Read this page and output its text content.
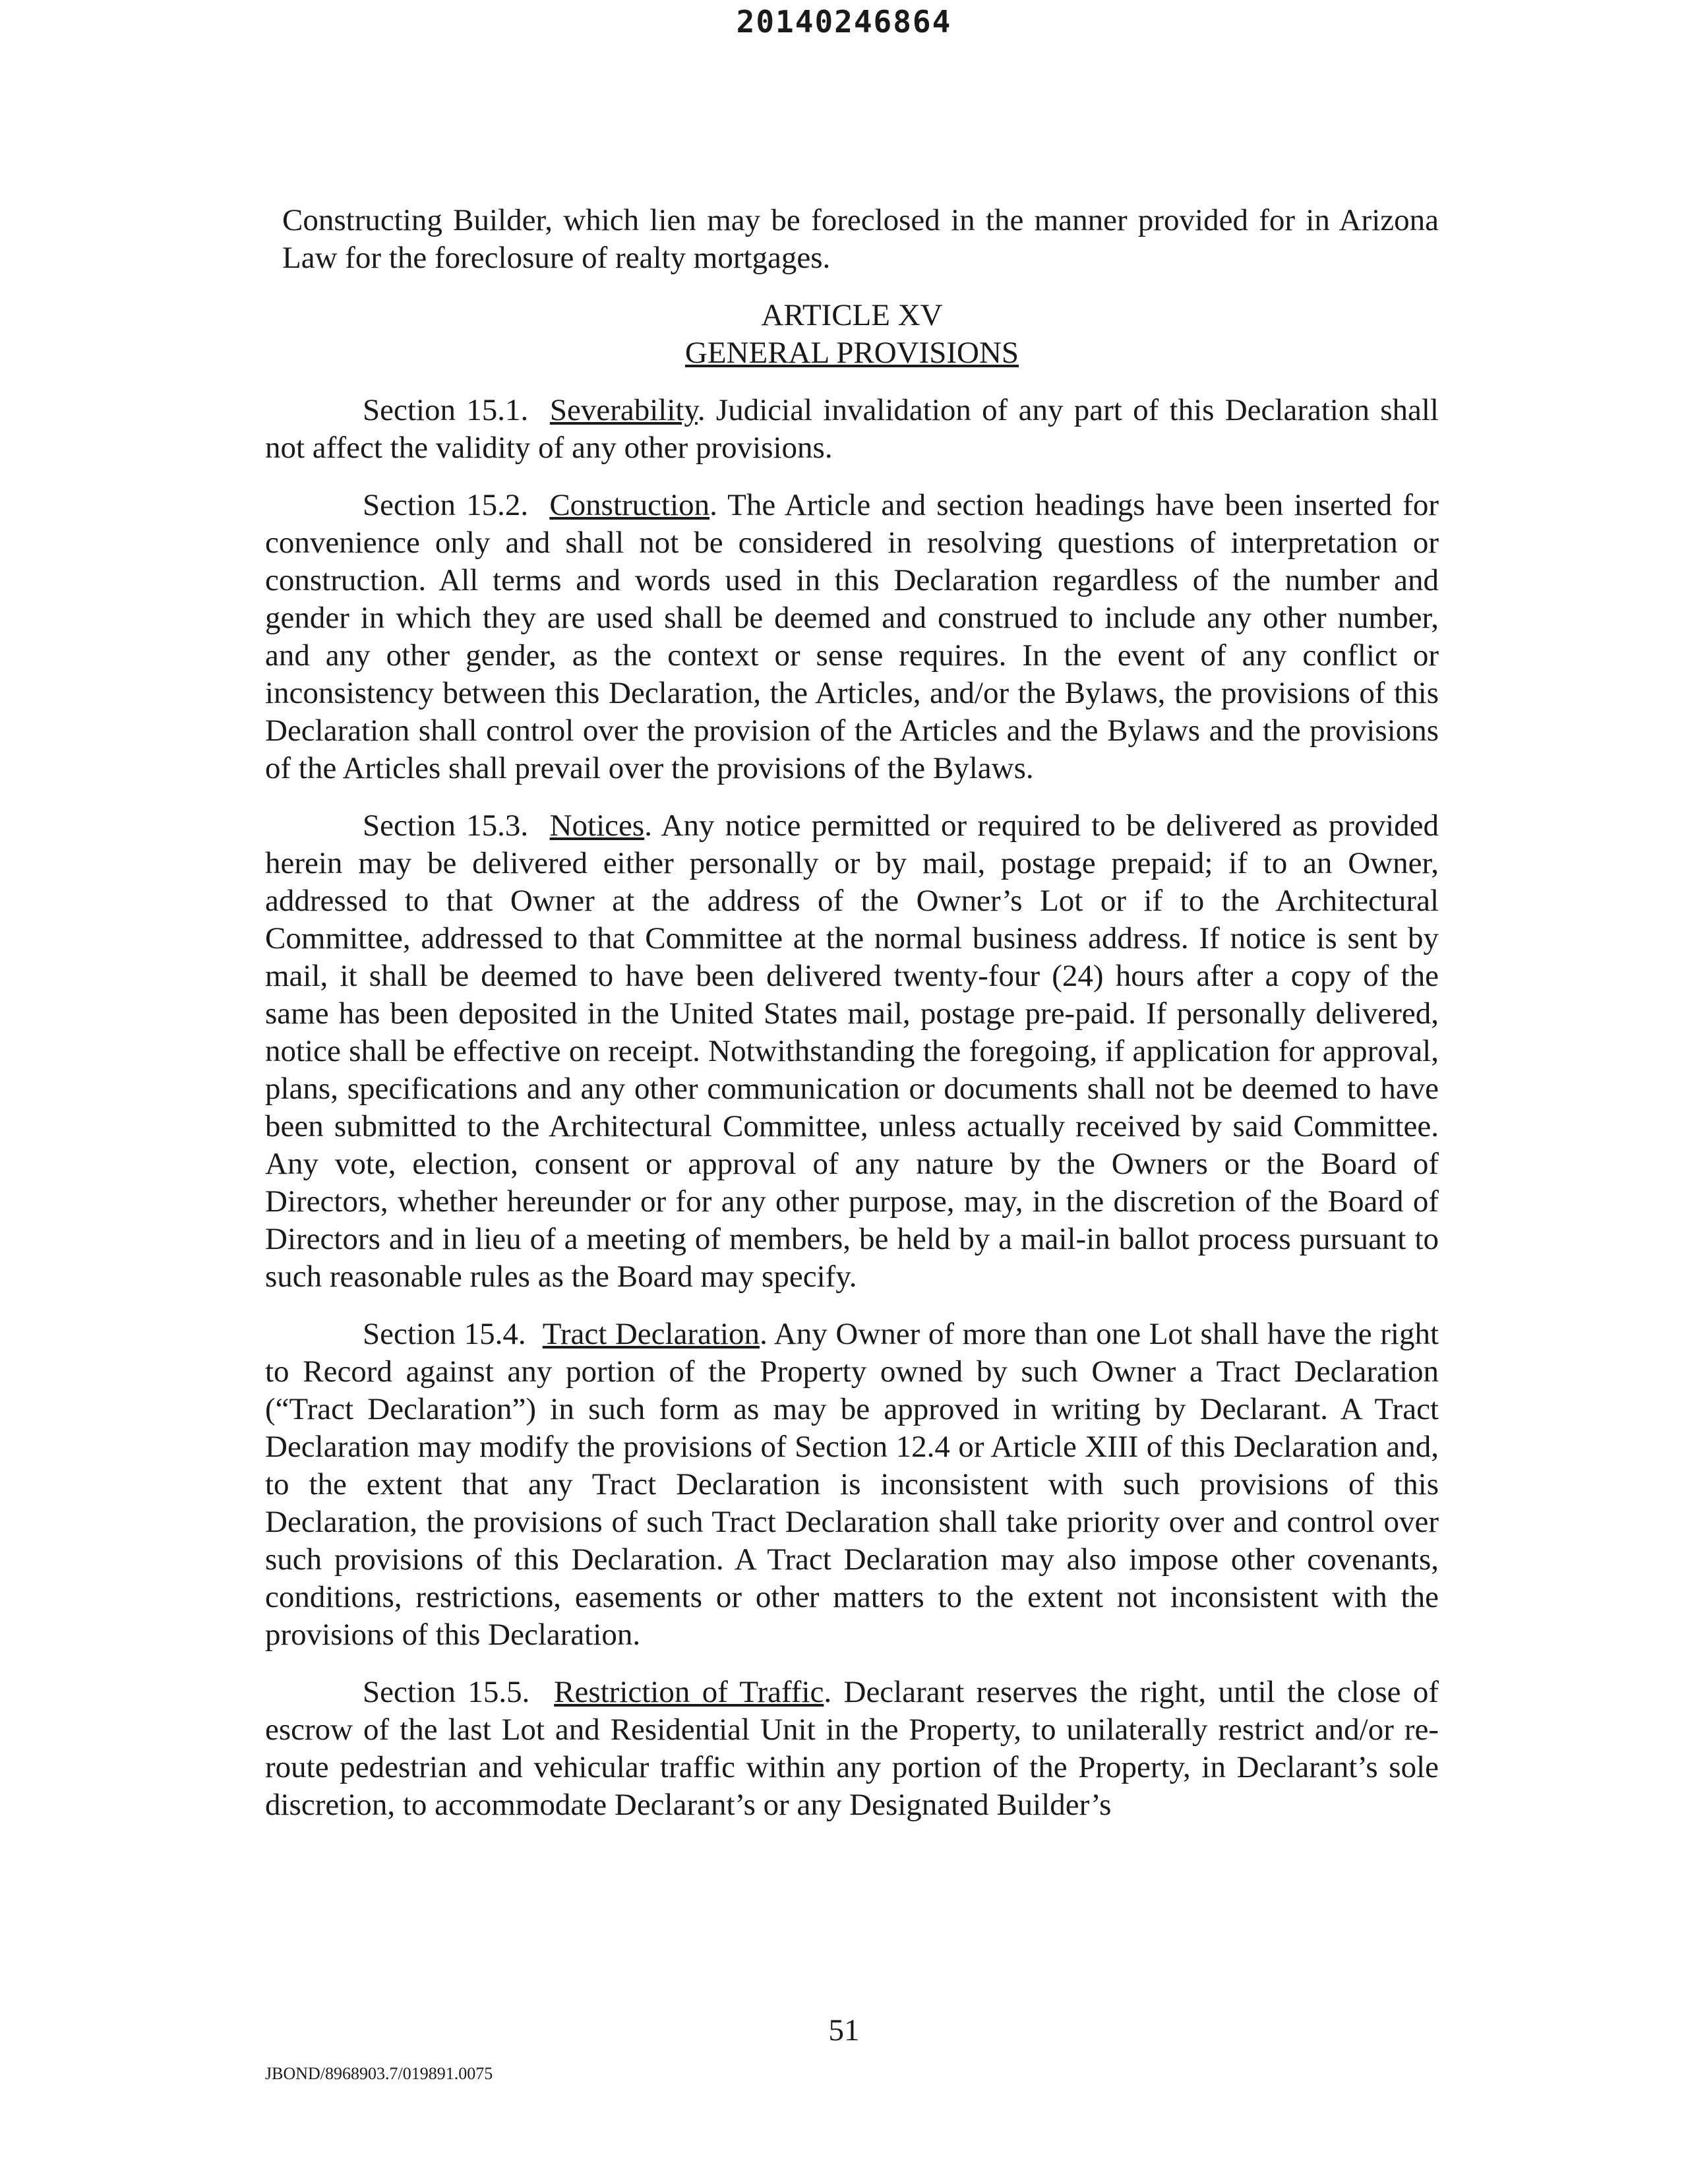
20140246864

Constructing Builder, which lien may be foreclosed in the manner provided for in Arizona Law for the foreclosure of realty mortgages.

ARTICLE XV
GENERAL PROVISIONS

Section 15.1. Severability. Judicial invalidation of any part of this Declaration shall not affect the validity of any other provisions.

Section 15.2. Construction. The Article and section headings have been inserted for convenience only and shall not be considered in resolving questions of interpretation or construction. All terms and words used in this Declaration regardless of the number and gender in which they are used shall be deemed and construed to include any other number, and any other gender, as the context or sense requires. In the event of any conflict or inconsistency between this Declaration, the Articles, and/or the Bylaws, the provisions of this Declaration shall control over the provision of the Articles and the Bylaws and the provisions of the Articles shall prevail over the provisions of the Bylaws.

Section 15.3. Notices. Any notice permitted or required to be delivered as provided herein may be delivered either personally or by mail, postage prepaid; if to an Owner, addressed to that Owner at the address of the Owner’s Lot or if to the Architectural Committee, addressed to that Committee at the normal business address. If notice is sent by mail, it shall be deemed to have been delivered twenty-four (24) hours after a copy of the same has been deposited in the United States mail, postage pre-paid. If personally delivered, notice shall be effective on receipt. Notwithstanding the foregoing, if application for approval, plans, specifications and any other communication or documents shall not be deemed to have been submitted to the Architectural Committee, unless actually received by said Committee. Any vote, election, consent or approval of any nature by the Owners or the Board of Directors, whether hereunder or for any other purpose, may, in the discretion of the Board of Directors and in lieu of a meeting of members, be held by a mail-in ballot process pursuant to such reasonable rules as the Board may specify.

Section 15.4. Tract Declaration. Any Owner of more than one Lot shall have the right to Record against any portion of the Property owned by such Owner a Tract Declaration (“Tract Declaration”) in such form as may be approved in writing by Declarant. A Tract Declaration may modify the provisions of Section 12.4 or Article XIII of this Declaration and, to the extent that any Tract Declaration is inconsistent with such provisions of this Declaration, the provisions of such Tract Declaration shall take priority over and control over such provisions of this Declaration. A Tract Declaration may also impose other covenants, conditions, restrictions, easements or other matters to the extent not inconsistent with the provisions of this Declaration.

Section 15.5. Restriction of Traffic. Declarant reserves the right, until the close of escrow of the last Lot and Residential Unit in the Property, to unilaterally restrict and/or re-route pedestrian and vehicular traffic within any portion of the Property, in Declarant’s sole discretion, to accommodate Declarant’s or any Designated Builder’s

51
JBOND/8968903.7/019891.0075
